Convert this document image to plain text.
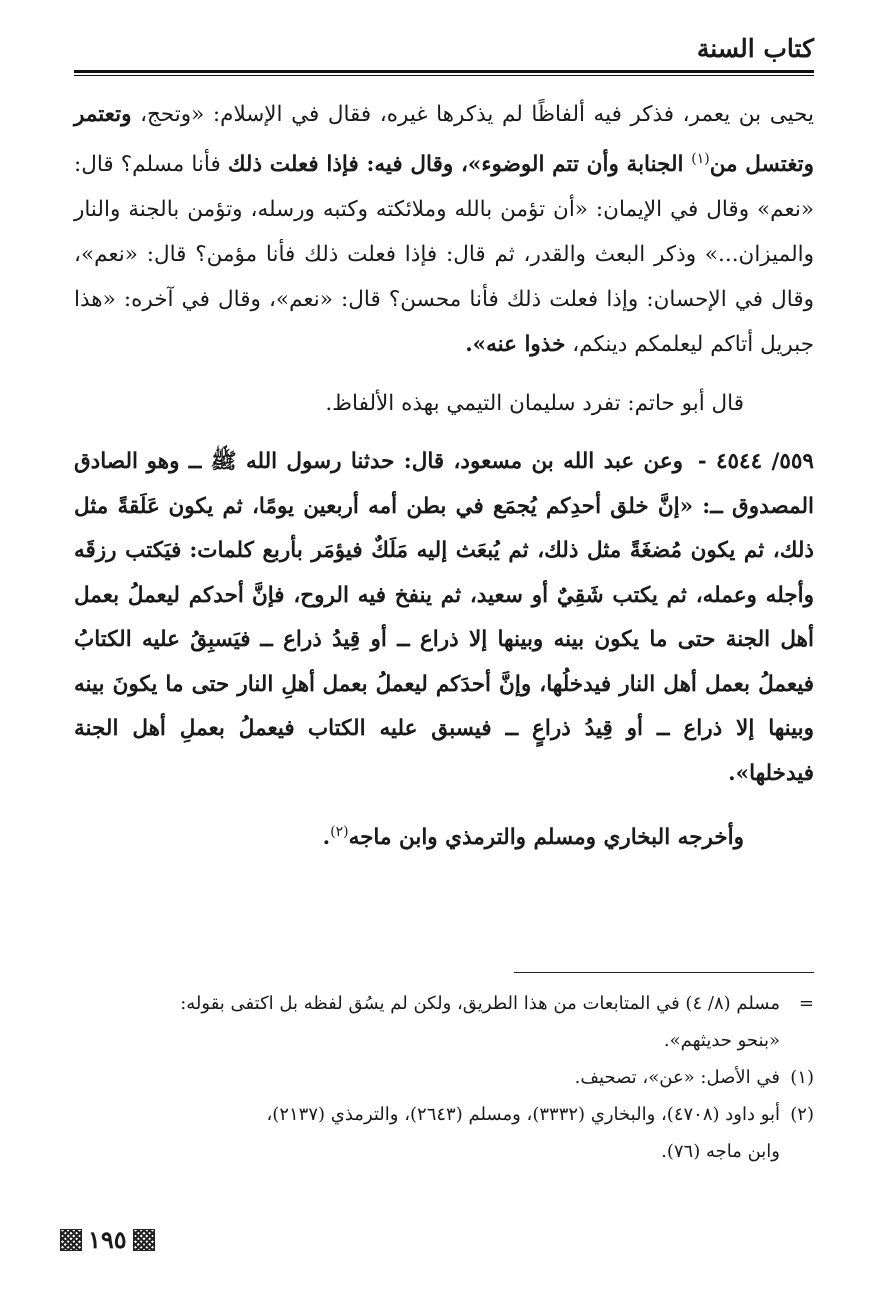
كتاب السنة

يحيى بن يعمر، فذكر فيه ألفاظًا لم يذكرها غيره، فقال في الإسلام: «وتحج، وتعتمر وتغتسل من$^{(١)}$ الجنابة وأن تتم الوضوء»، وقال فيه: فإذا فعلت ذلك فأنا مسلم؟ قال: «نعم» وقال في الإيمان: «أن تؤمن بالله وملائكته وكتبه ورسله، وتؤمن بالجنة والنار والميزان...» وذكر البعث والقدر، ثم قال: فإذا فعلت ذلك فأنا مؤمن؟ قال: «نعم»، وقال في الإحسان: وإذا فعلت ذلك فأنا محسن؟ قال: «نعم»، وقال في آخره: «هذا جبريل أتاكم ليعلمكم دينكم، خذوا عنه».

قال أبو حاتم: تفرد سليمان التيمي بهذه الألفاظ.

٥٥٩/ ٤٥٤٤ - وعن عبد الله بن مسعود، قال: حدثنا رسول الله ﷺ ــ وهو الصادق المصدوق ــ: «إنَّ خلق أحدِكم يُجمَع في بطن أمه أربعين يومًا، ثم يكون عَلَقةً مثل ذلك، ثم يكون مُضغَةً مثل ذلك، ثم يُبعَث إليه مَلَكٌ فيؤمَر بأربع كلمات: فيَكتب رزقَه وأجله وعمله، ثم يكتب شَقِيٌ أو سعيد، ثم ينفخ فيه الروح، فإنَّ أحدكم ليعملُ بعمل أهل الجنة حتى ما يكون بينه وبينها إلا ذراع ــ أو قِيدُ ذراع ــ فيَسبِقُ عليه الكتابُ فيعملُ بعمل أهل النار فيدخلُها، وإنَّ أحدَكم ليعملُ بعمل أهلِ النار حتى ما يكونَ بينه وبينها إلا ذراع ــ أو قِيدُ ذراعٍ ــ فيسبق عليه الكتاب فيعملُ بعملِ أهل الجنة فيدخلها».

وأخرجه البخاري ومسلم والترمذي وابن ماجه$^{(٢)}$.

=مسلم (٨/ ٤) في المتابعات من هذا الطريق، ولكن لم يسُق لفظه بل اكتفى بقوله:

«بنحو حديثهم».

(١)في الأصل: «عن»، تصحيف.

(٢)أبو داود (٤٧٠٨)، والبخاري (٣٣٣٢)، ومسلم (٢٦٤٣)، والترمذي (٢١٣٧)،

وابن ماجه (٧٦).

١٩٥
